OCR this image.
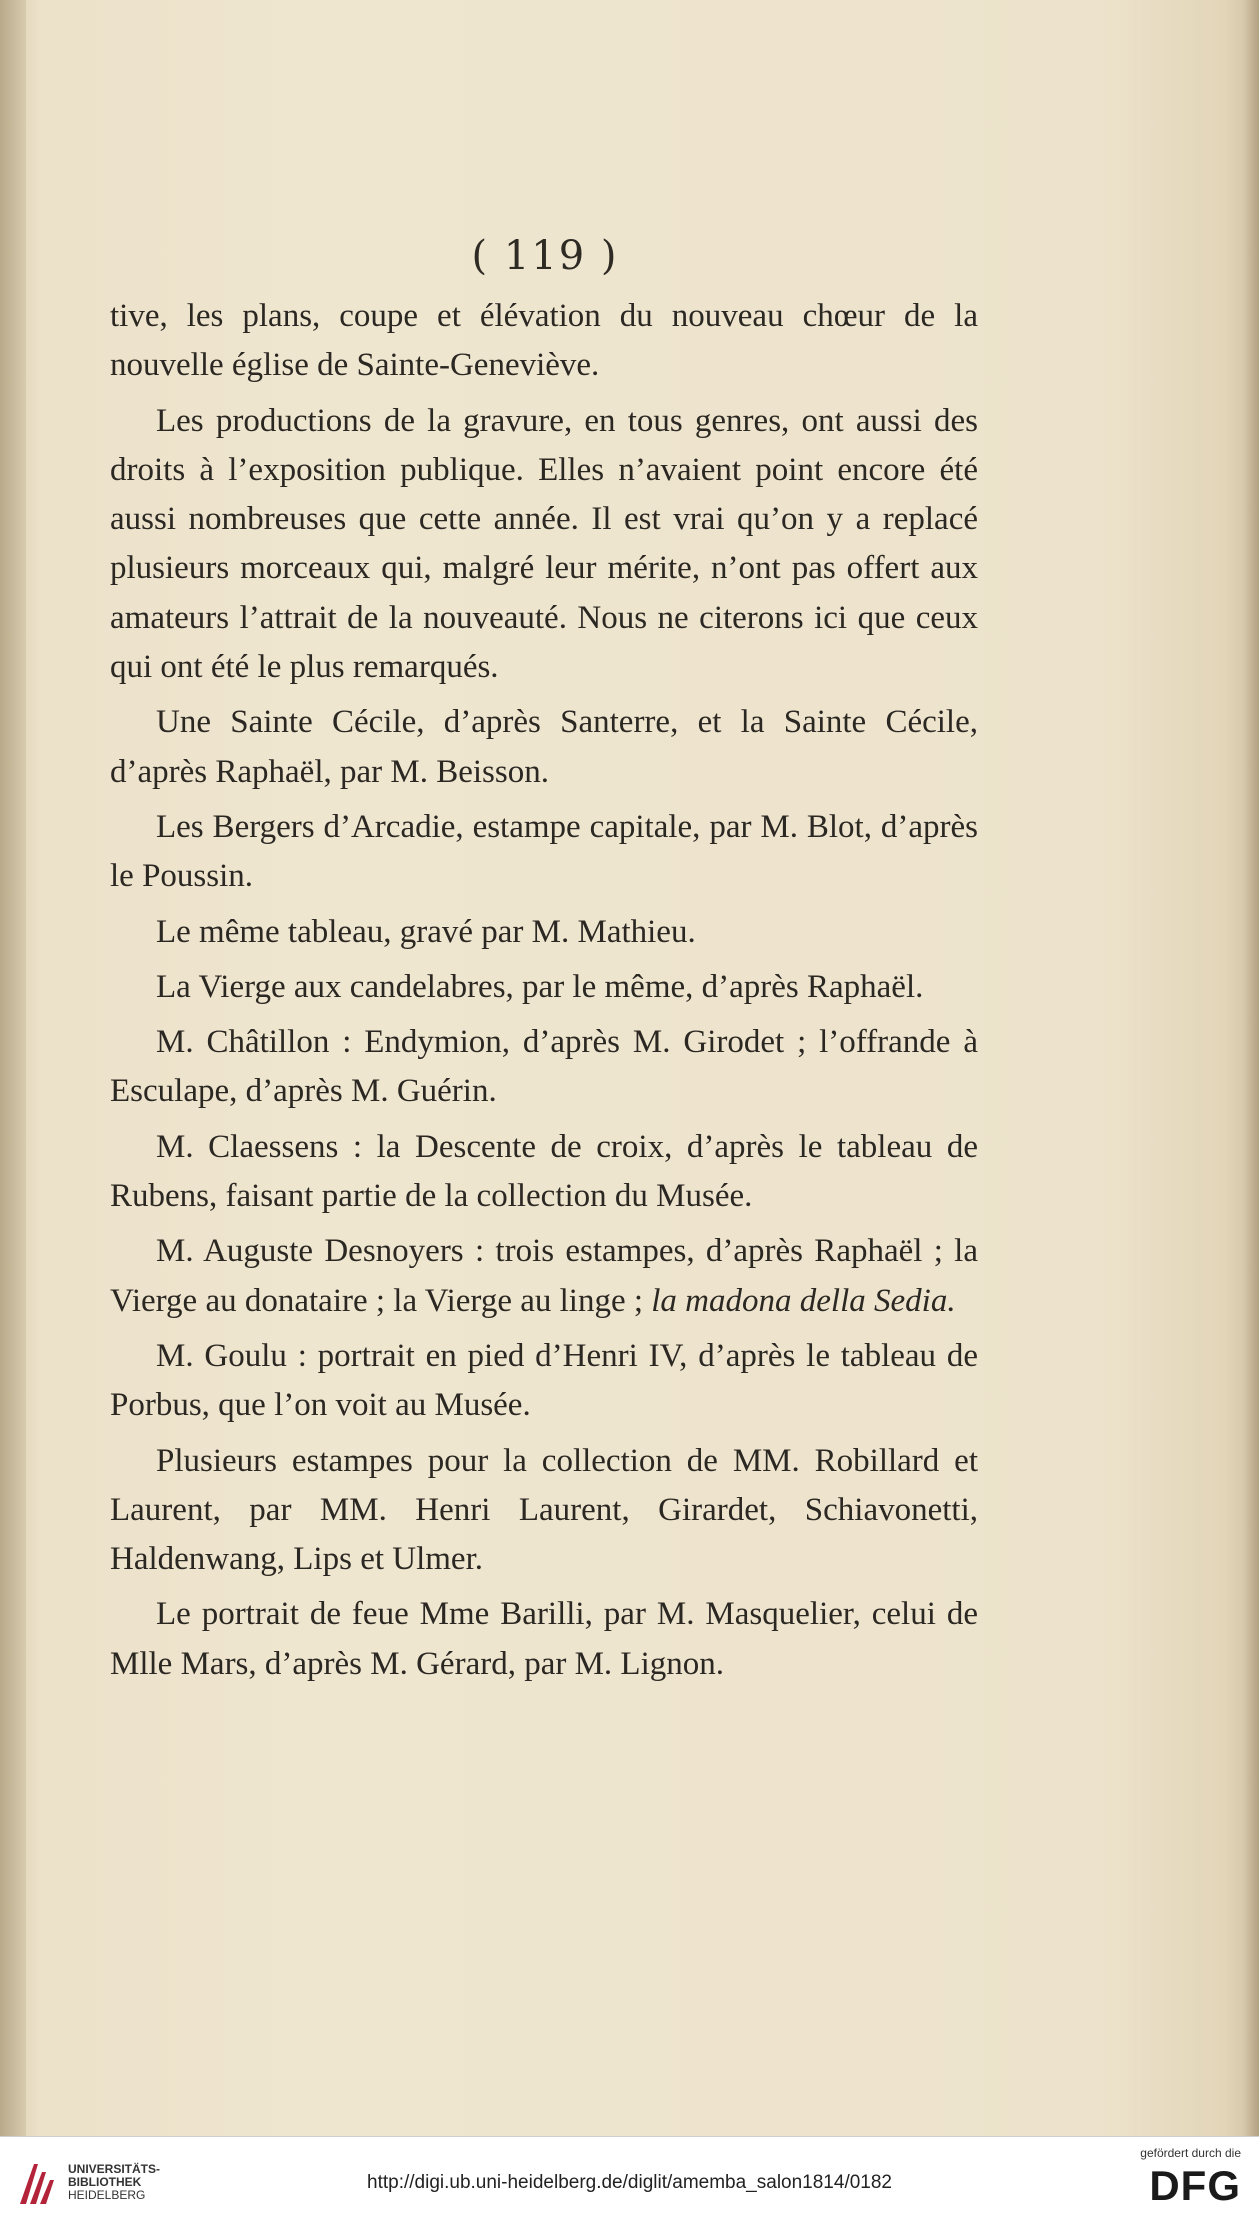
( 119 )

tive, les plans, coupe et élévation du nouveau chœur de la nouvelle église de Sainte-Geneviève.

Les productions de la gravure, en tous genres, ont aussi des droits à l’exposition publique. Elles n’avaient point encore été aussi nombreuses que cette année. Il est vrai qu’on y a replacé plusieurs morceaux qui, malgré leur mérite, n’ont pas offert aux amateurs l’attrait de la nouveauté. Nous ne citerons ici que ceux qui ont été le plus remarqués.

Une Sainte Cécile, d’après Santerre, et la Sainte Cécile, d’après Raphaël, par M. Beisson.

Les Bergers d’Arcadie, estampe capitale, par M. Blot, d’après le Poussin.

Le même tableau, gravé par M. Mathieu.

La Vierge aux candelabres, par le même, d’après Raphaël.

M. Châtillon : Endymion, d’après M. Girodet ; l’offrande à Esculape, d’après M. Guérin.

M. Claessens : la Descente de croix, d’après le tableau de Rubens, faisant partie de la collection du Musée.

M. Auguste Desnoyers : trois estampes, d’après Raphaël ; la Vierge au donataire ; la Vierge au linge ; la madona della Sedia.

M. Goulu : portrait en pied d’Henri IV, d’après le tableau de Porbus, que l’on voit au Musée.

Plusieurs estampes pour la collection de MM. Robillard et Laurent, par MM. Henri Laurent, Girardet, Schiavonetti, Haldenwang, Lips et Ulmer.

Le portrait de feue Mme Barilli, par M. Masquelier, celui de Mlle Mars, d’après M. Gérard, par M. Lignon.

UNIVERSITÄTS-
BIBLIOTHEK
HEIDELBERG
http://digi.ub.uni-heidelberg.de/diglit/amemba_salon1814/0182
gefördert durch die
DFG
